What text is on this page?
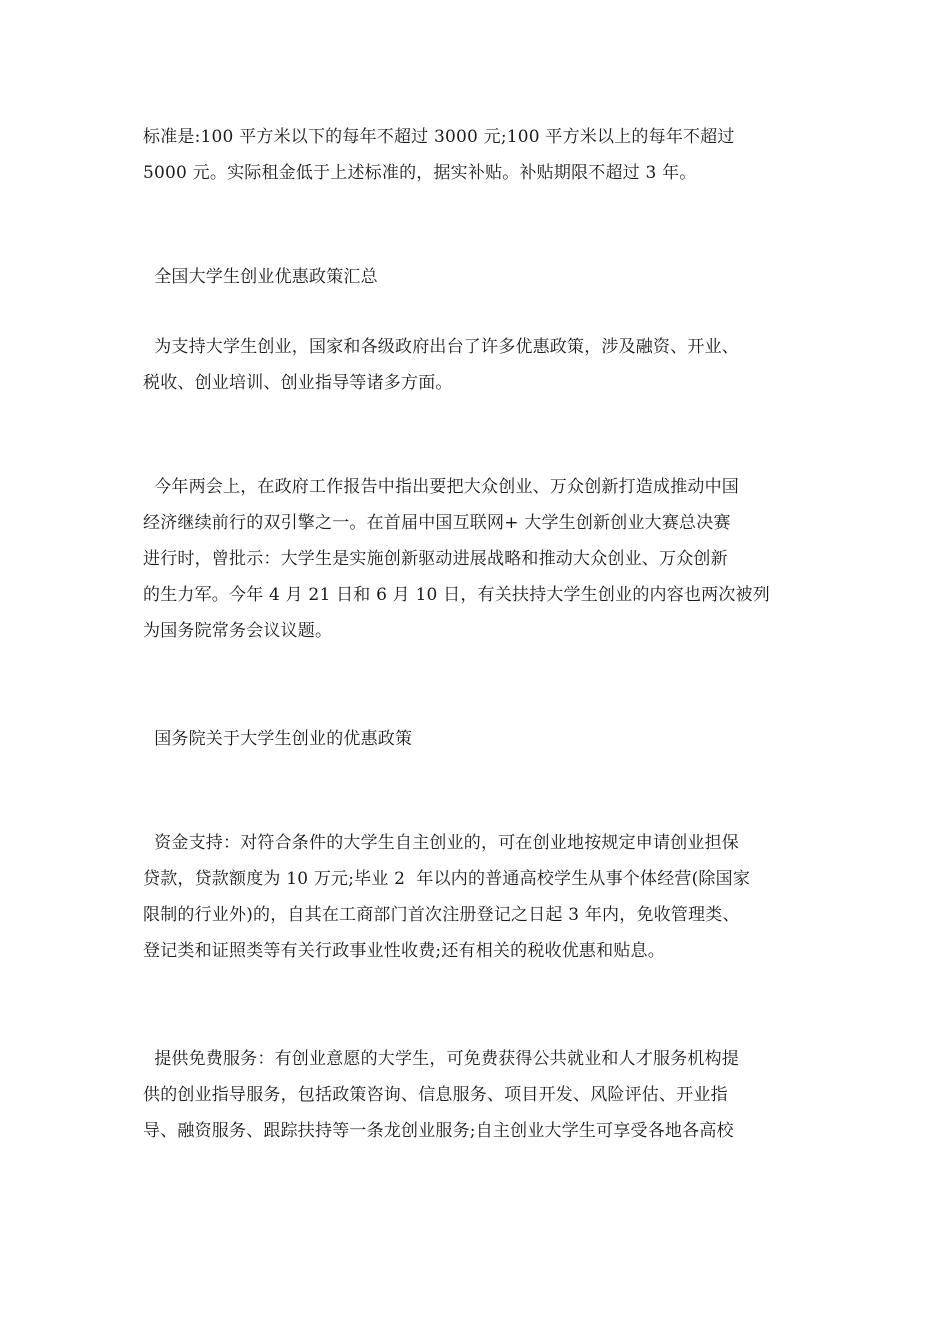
标准是:100 平方米以下的每年不超过 3000 元;100 平方米以上的每年不超过
5000 元。实际租金低于上述标准的，据实补贴。补贴期限不超过 3 年。
全国大学生创业优惠政策汇总
为支持大学生创业，国家和各级政府出台了许多优惠政策，涉及融资、开业、
税收、创业培训、创业指导等诸多方面。
今年两会上，在政府工作报告中指出要把大众创业、万众创新打造成推动中国
经济继续前行的双引擎之一。在首届中国互联网+ 大学生创新创业大赛总决赛
进行时，曾批示：大学生是实施创新驱动进展战略和推动大众创业、万众创新
的生力军。今年 4 月 21 日和 6 月 10 日，有关扶持大学生创业的内容也两次被列
为国务院常务会议议题。
国务院关于大学生创业的优惠政策
资金支持：对符合条件的大学生自主创业的，可在创业地按规定申请创业担保
贷款，贷款额度为 10 万元;毕业 2  年以内的普通高校学生从事个体经营(除国家
限制的行业外)的，自其在工商部门首次注册登记之日起 3 年内，免收管理类、
登记类和证照类等有关行政事业性收费;还有相关的税收优惠和贴息。
提供免费服务：有创业意愿的大学生，可免费获得公共就业和人才服务机构提
供的创业指导服务，包括政策咨询、信息服务、项目开发、风险评估、开业指
导、融资服务、跟踪扶持等一条龙创业服务;自主创业大学生可享受各地各高校
